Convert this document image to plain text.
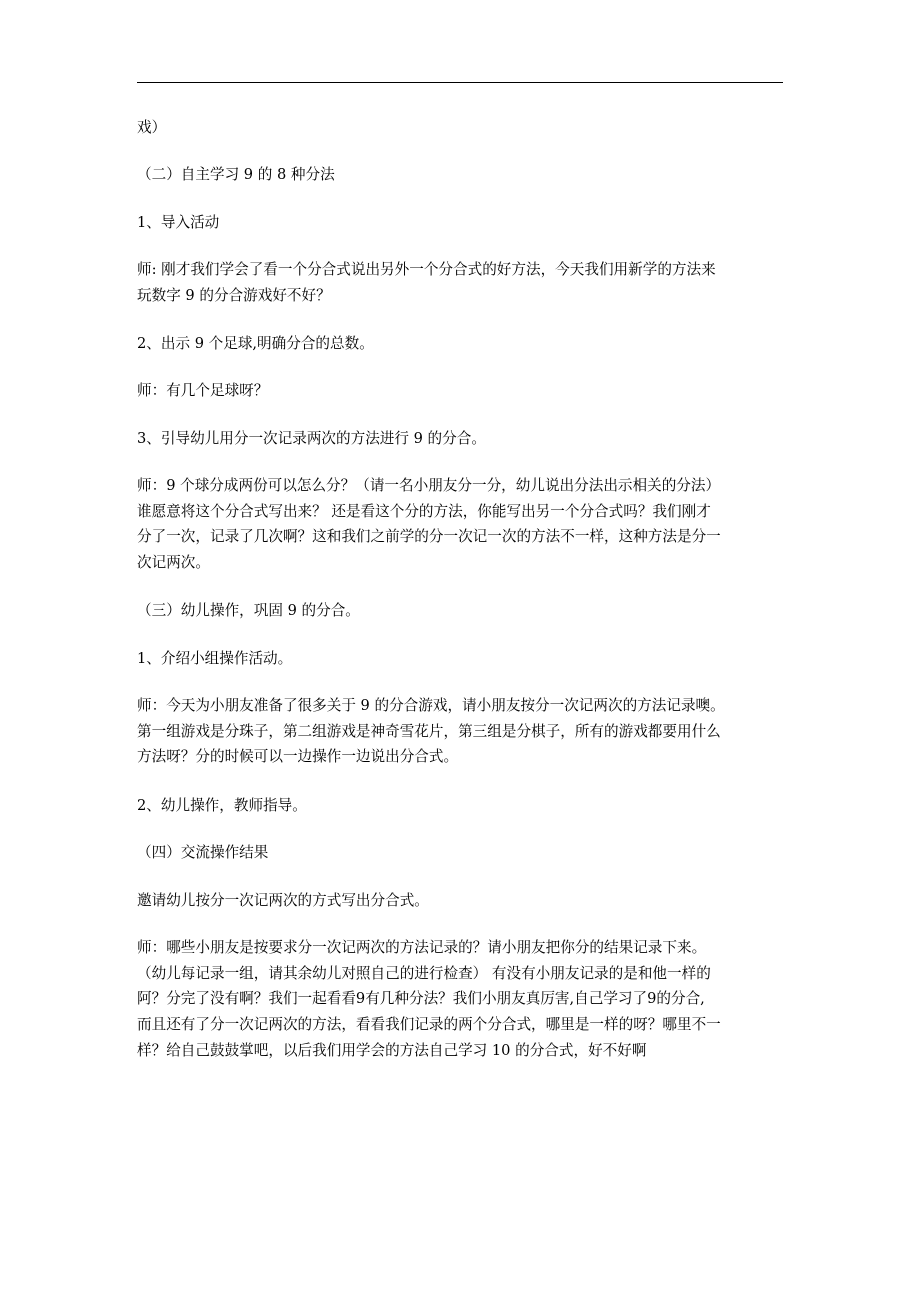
戏）
（二）自主学习 9 的 8 种分法
1、导入活动
师: 刚才我们学会了看一个分合式说出另外一个分合式的好方法，今天我们用新学的方法来
玩数字 9 的分合游戏好不好？
2、出示 9 个足球,明确分合的总数。
师：有几个足球呀？
3、引导幼儿用分一次记录两次的方法进行 9 的分合。
师：9 个球分成两份可以怎么分？（请一名小朋友分一分，幼儿说出分法出示相关的分法）
谁愿意将这个分合式写出来？ 还是看这个分的方法，你能写出另一个分合式吗？我们刚才
分了一次，记录了几次啊？这和我们之前学的分一次记一次的方法不一样，这种方法是分一
次记两次。
（三）幼儿操作，巩固 9 的分合。
1、介绍小组操作活动。
师：今天为小朋友准备了很多关于 9 的分合游戏，请小朋友按分一次记两次的方法记录噢。
第一组游戏是分珠子，第二组游戏是神奇雪花片，第三组是分棋子，所有的游戏都要用什么
方法呀？分的时候可以一边操作一边说出分合式。
2、幼儿操作，教师指导。
（四）交流操作结果
邀请幼儿按分一次记两次的方式写出分合式。
师：哪些小朋友是按要求分一次记两次的方法记录的？请小朋友把你分的结果记录下来。
（幼儿每记录一组，请其余幼儿对照自己的进行检查） 有没有小朋友记录的是和他一样的
阿？分完了没有啊？我们一起看看9有几种分法？我们小朋友真厉害,自己学习了9的分合,
而且还有了分一次记两次的方法，看看我们记录的两个分合式，哪里是一样的呀？哪里不一
样？给自己鼓鼓掌吧，以后我们用学会的方法自己学习 10 的分合式，好不好啊
